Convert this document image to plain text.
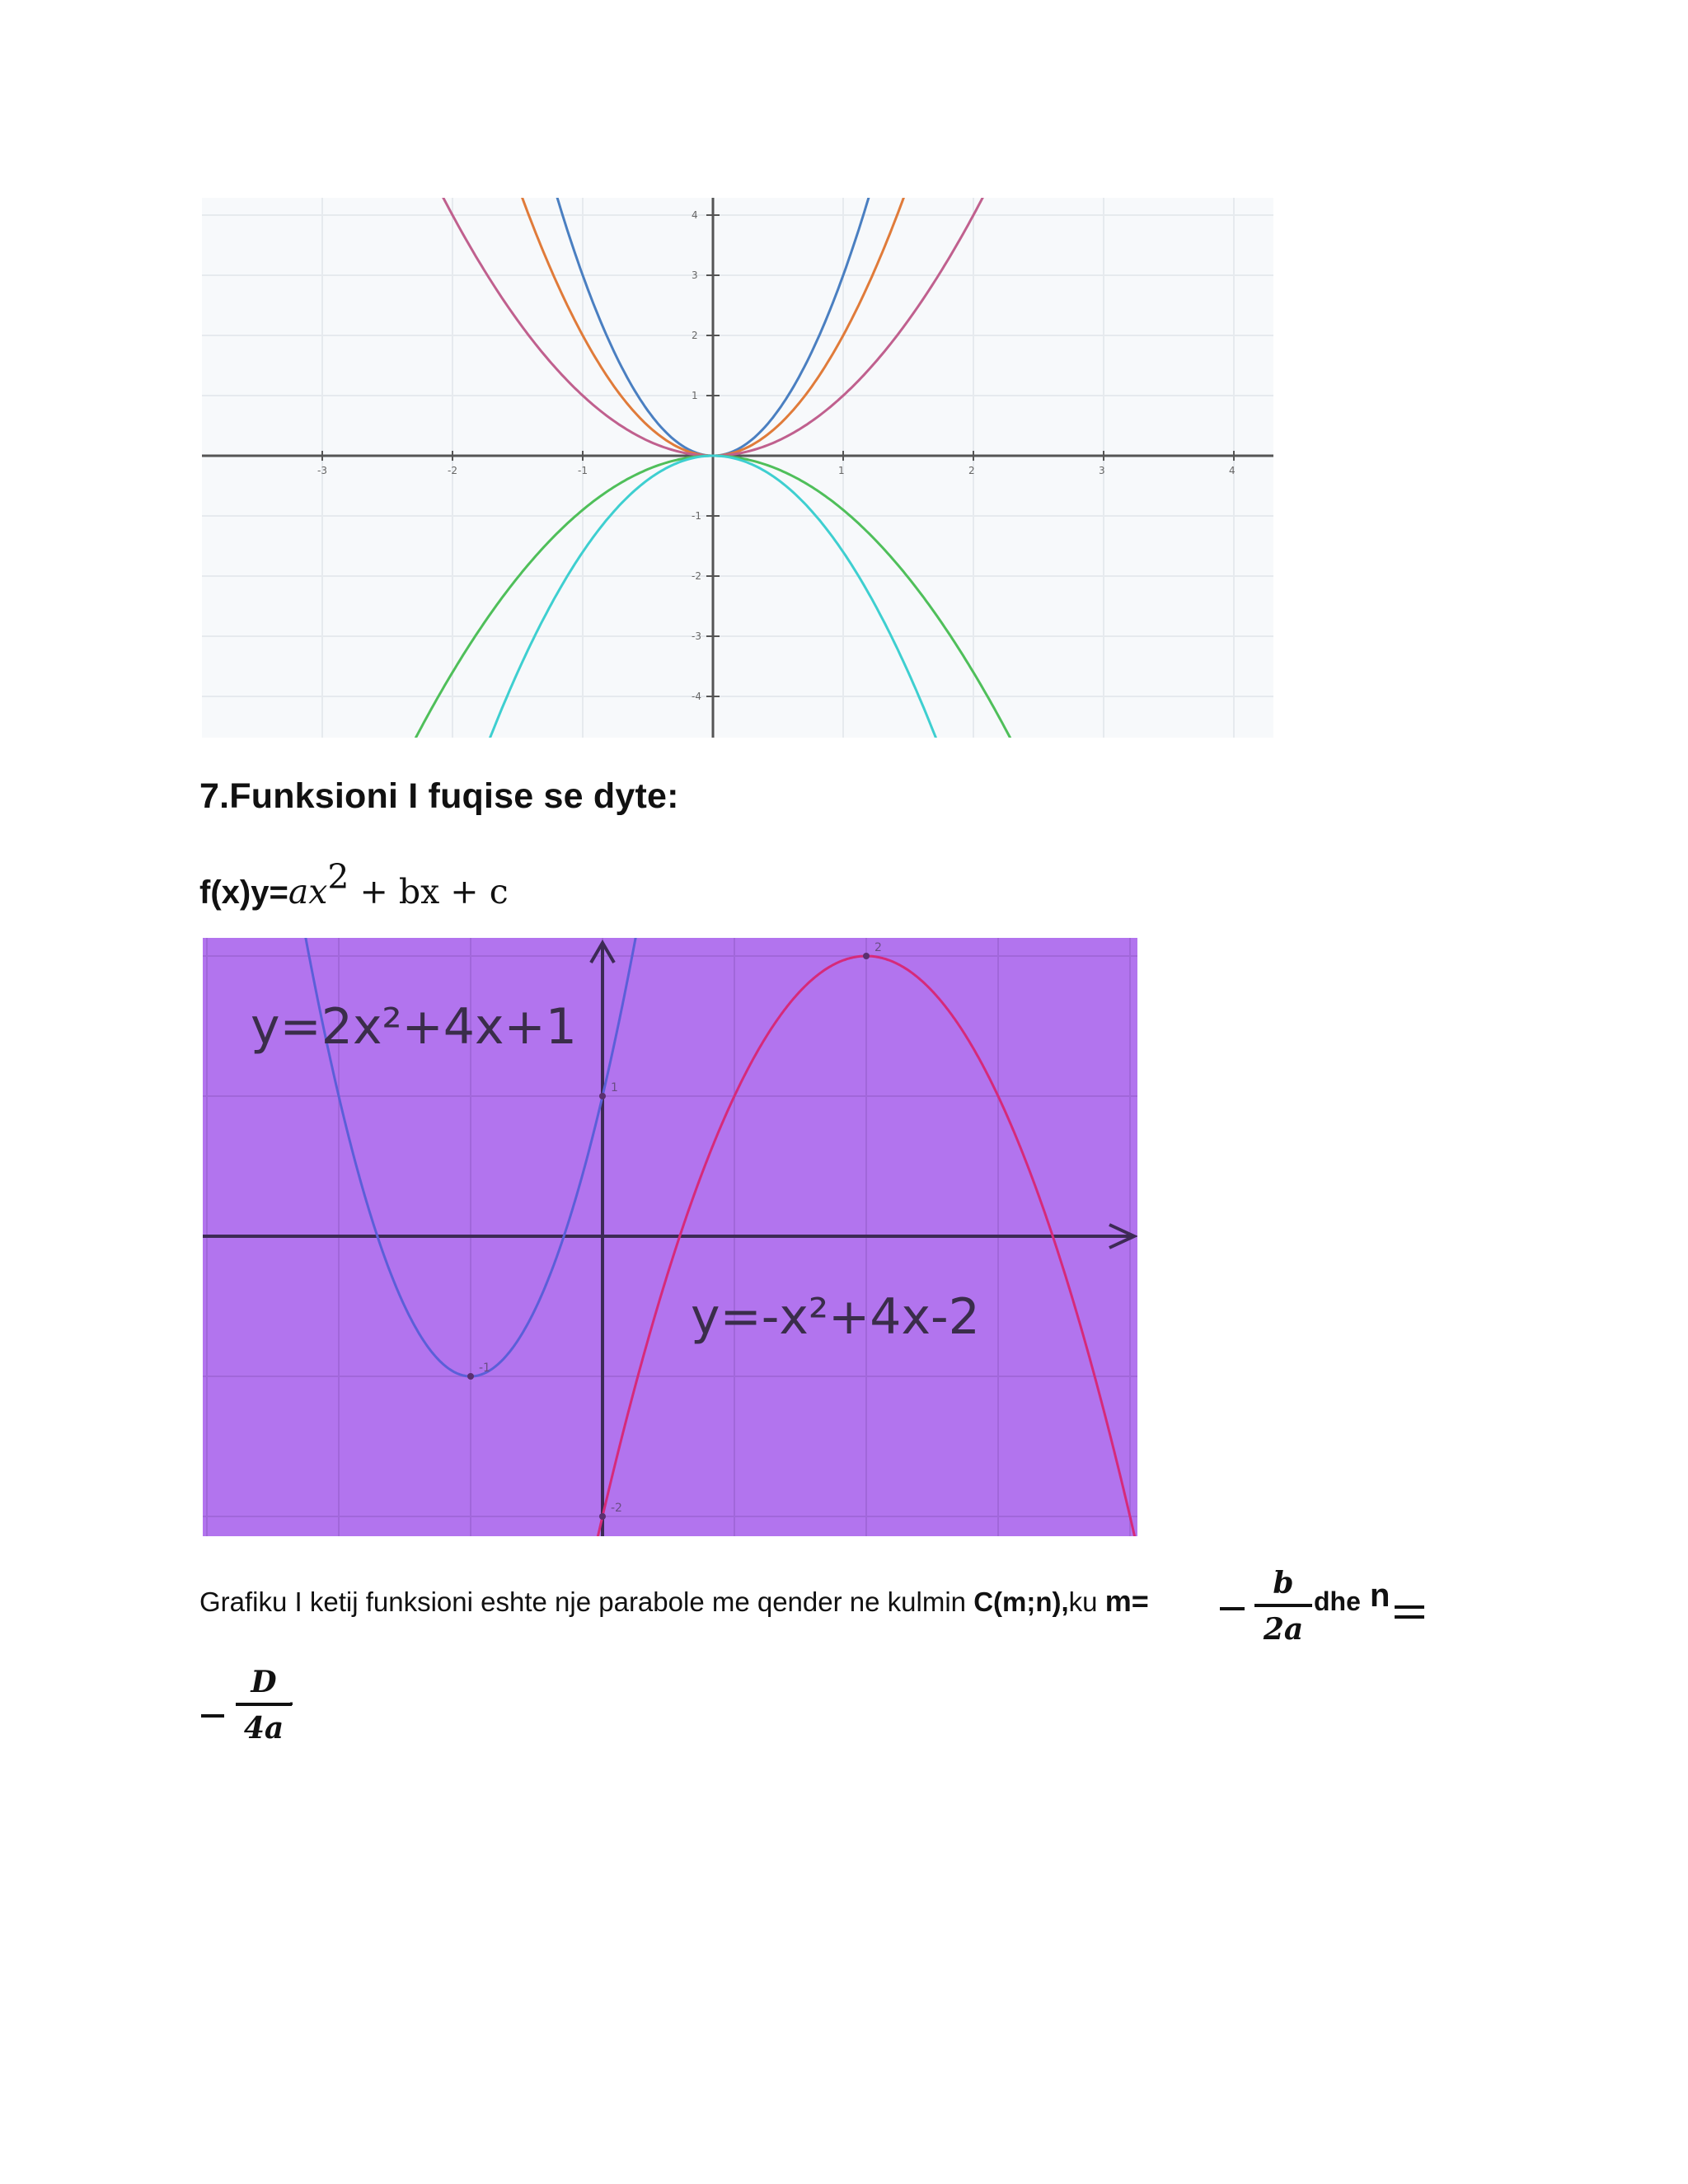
-3	-2	-1	1	2	3	4
4
3
2
1
-1
-2
-3
-4
7.Funksioni I fuqise se dyte:
$f(x)y=ax^2$ + bx + c
1
-1
-2
2
y=2x²+4x+1
y=-x²+4x-2
Grafiku I ketij funksioni eshte nje parabole me qender ne kulmin C(m;n),ku m=	$\frac{b}{2a}$ dhe n
$\frac{D}{4a}$
.
